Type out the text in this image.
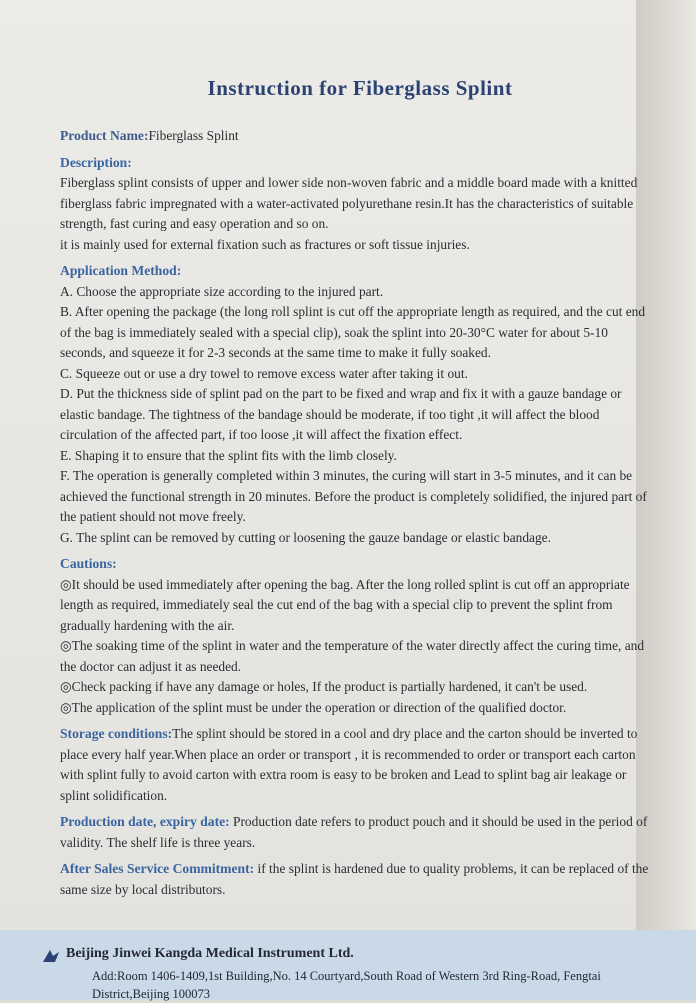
Instruction for Fiberglass Splint

Product Name:Fiberglass Splint

Description:

Fiberglass splint consists of upper and lower side non-woven fabric and a middle board made with a knitted fiberglass fabric impregnated with a water-activated polyurethane resin.It has the characteristics of suitable strength, fast curing and easy operation and so on.

it is mainly used for external fixation such as fractures or soft tissue injuries.

Application Method:

A. Choose the appropriate size according to the injured part.

B. After opening the package (the long roll splint is cut off the appropriate length as required, and the cut end of the bag is immediately sealed with a special clip), soak the splint into 20-30°C water for about 5-10 seconds, and squeeze it for 2-3 seconds at the same time to make it fully soaked.

C. Squeeze out or use a dry towel to remove excess water after taking it out.

D. Put the thickness side of splint pad on the part to be fixed and wrap and fix it with a gauze bandage or elastic bandage. The tightness of the bandage should be moderate, if too tight ,it will affect the blood circulation of the affected part, if too loose ,it will affect the fixation effect.

E. Shaping it to ensure that the splint fits with the limb closely.

F. The operation is generally completed within 3 minutes, the curing will start in 3-5 minutes, and it can be achieved the functional strength in 20 minutes. Before the product is completely solidified, the injured part of the patient should not move freely.

G. The splint can be removed by cutting or loosening the gauze bandage or elastic bandage.

Cautions:

◎It should be used immediately after opening the bag. After the long rolled splint is cut off an appropriate length as required, immediately seal the cut end of the bag with a special clip to prevent the splint from gradually hardening with the air.

◎The soaking time of the splint in water and the temperature of the water directly affect the curing time, and the doctor can adjust it as needed.

◎Check packing if have any damage or holes, If the product is partially hardened, it can't be used.

◎The application of the splint must be under the operation or direction of the qualified doctor.

Storage conditions:The splint should be stored in a cool and dry place and the carton should be inverted to place every half year.When place an order or transport , it is recommended to order or transport each carton with splint fully to avoid carton with extra room is easy to be broken and Lead to splint bag air leakage or splint solidification.

Production date, expiry date: Production date refers to product pouch and it should be used in the period of validity. The shelf life is three years.

After Sales Service Commitment: if the splint is hardened due to quality problems, it can be replaced of the same size by local distributors.

Beijing Jinwei Kangda Medical Instrument Ltd.
Add:Room 1406-1409,1st Building,No. 14 Courtyard,South Road of Western 3rd Ring-Road, Fengtai District,Beijing 100073
